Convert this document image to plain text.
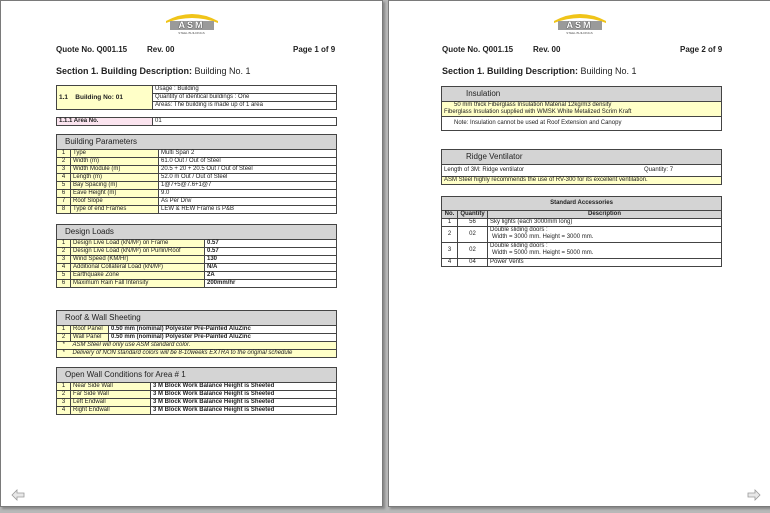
ASM
STEEL BUILDINGS
Quote No. Q001.15 Rev. 00	Page 1 of 9
Section 1. Building Description: Building No. 1
1.1 Building No: 01	Usage : Building
Quantity of identical buildings : One
Areas: The building is made up of 1 area
1.1.1 Area No.	01
Building Parameters		
1	Type	Multi Span 2
2	Width (m)	61.0 Out / Out of Steel
3	Width Module (m)	20.5 + 20 + 20.5 Out / Out of Steel
4	Length (m)	52.0 m Out / Out of Steel
5	Bay Spacing (m)	1@7+5@7.6+1@7
6	Eave Height (m)	9.0
7	Roof Slope	As Per Drw
8	Type of end Frames	LEW & REW Frame is P&B
Design Loads		
1	Design Live Load (kN/M²) on Frame	0.57
2	Design Live Load (kN/M²) on Purlin/Roof	0.57
3	Wind Speed (KM/Hr)	130
4	Additional Collateral Load (kN/M²)	N/A
5	Earthquake Zone	2A
6	Maximum Rain Fall Intensity	200mm/hr
Roof & Wall Sheeting		
1	Roof Panel	0.50 mm (nominal) Polyester Pre-Painted AluZinc
2	Wall Panel	0.50 mm (nominal) Polyester Pre-Painted AluZinc
*	ASM Steel will only use ASM standard color.	
*	Delivery of NON standard colors will be 8-10weeks EXTRA to the original schedule	
Open Wall Conditions for Area # 1		
1	Near Side Wall	3 M Block Work Balance Height is Sheeted
2	Far Side Wall	3 M Block Work Balance Height is Sheeted
3	Left Endwall	3 M Block Work Balance Height is Sheeted
4	Right Endwall	3 M Block Work Balance Height is Sheeted
ASM
STEEL BUILDINGS
Quote No. Q001.15 Rev. 00	Page 2 of 9
Section 1. Building Description: Building No. 1
Insulation
50 mm thick Fiberglass Insulation Material 12kg/m3 density
Fiberglass Insulation supplied with WMSK White Metalized Scrim Kraft
Note: Insulation cannot be used at Roof Extension and Canopy
Ridge Ventilator
Length of 3M: Ridge ventilator	Quantity: 7
ASM Steel highly recommends the use of RV-300 for its excellent ventilation.
Standard Accessories		
No.	Quantity	Description
1	56	Sky lights (each 3000mm long)

2	02	Double sliding doors :
Width = 3000 mm. Height = 3000 mm.

3	02	Double sliding doors :
Width = 5000 mm. Height = 5000 mm.

4	04	Power Vents
